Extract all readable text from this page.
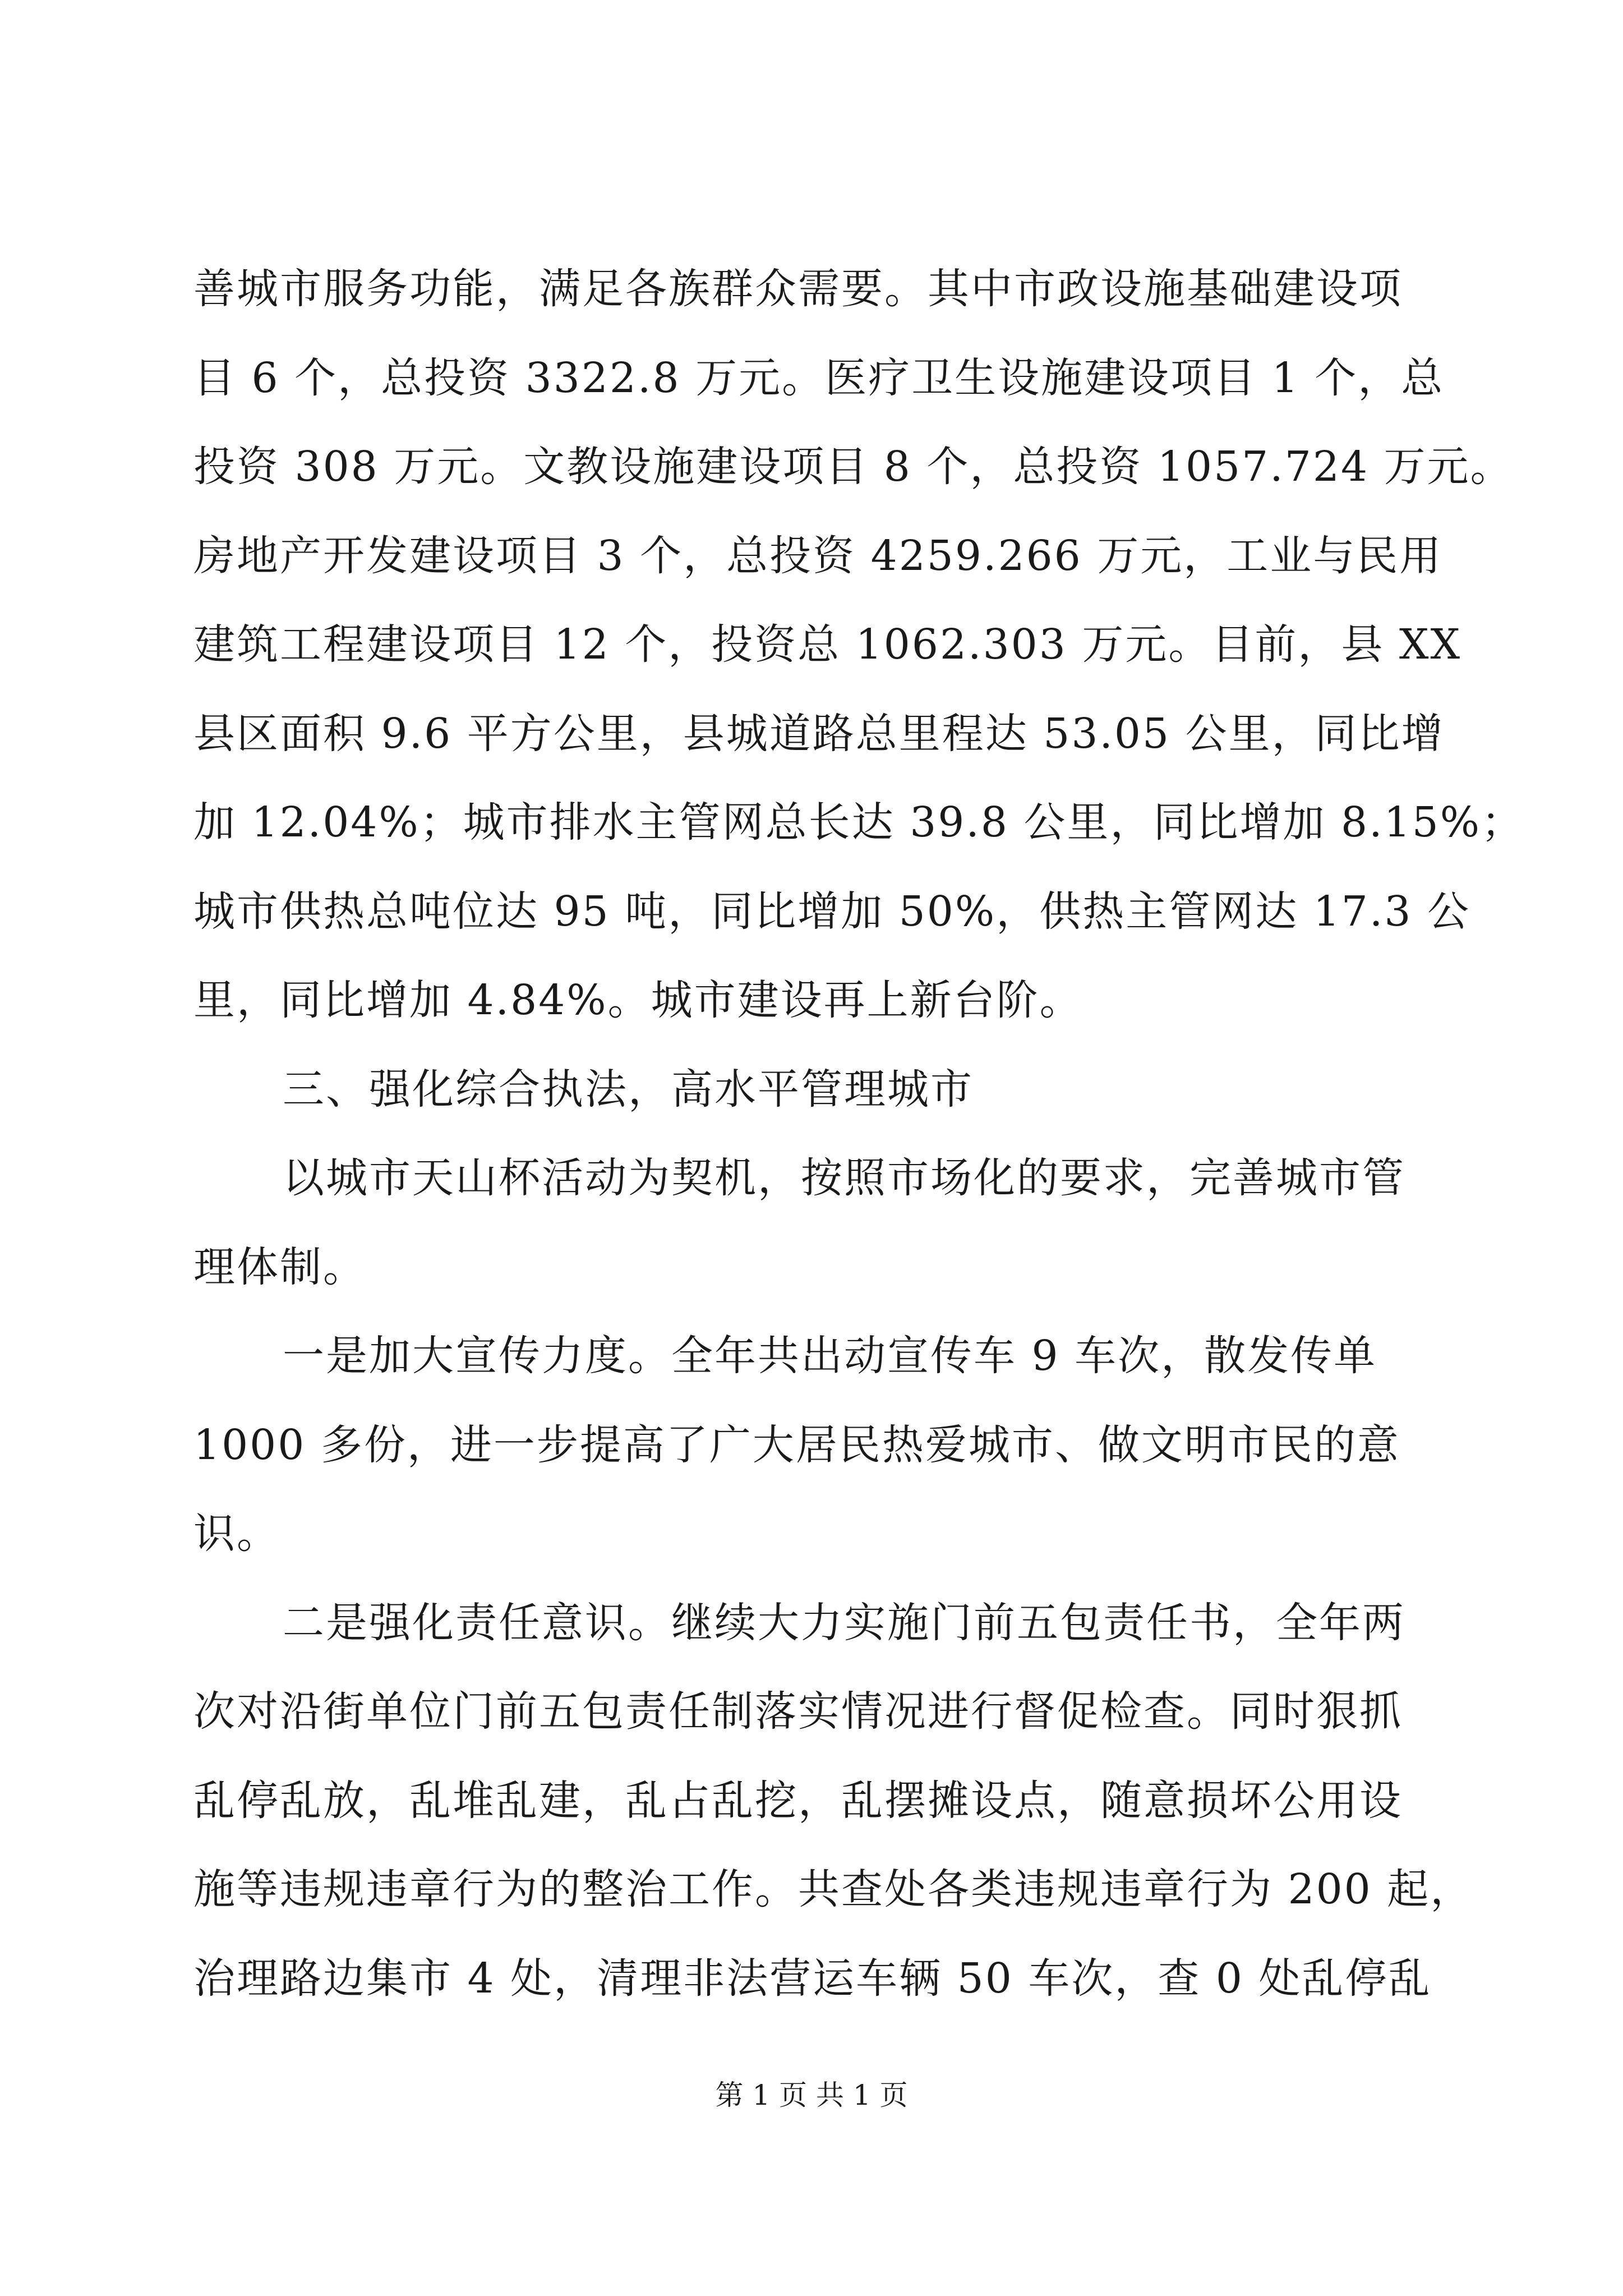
善城市服务功能，满足各族群众需要。其中市政设施基础建设项
目 6 个，总投资 3322.8 万元。医疗卫生设施建设项目 1 个，总
投资 308 万元。文教设施建设项目 8 个，总投资 1057.724 万元。
房地产开发建设项目 3 个，总投资 4259.266 万元，工业与民用
建筑工程建设项目 12 个，投资总 1062.303 万元。目前，县 XX
县区面积 9.6 平方公里，县城道路总里程达 53.05 公里，同比增
加 12.04%；城市排水主管网总长达 39.8 公里，同比增加 8.15%；
城市供热总吨位达 95 吨，同比增加 50%，供热主管网达 17.3 公
里，同比增加 4.84%。城市建设再上新台阶。
三、强化综合执法，高水平管理城市
以城市天山杯活动为契机，按照市场化的要求，完善城市管
理体制。
一是加大宣传力度。全年共出动宣传车 9 车次，散发传单
1000 多份，进一步提高了广大居民热爱城市、做文明市民的意
识。
二是强化责任意识。继续大力实施门前五包责任书，全年两
次对沿街单位门前五包责任制落实情况进行督促检查。同时狠抓
乱停乱放，乱堆乱建，乱占乱挖，乱摆摊设点，随意损坏公用设
施等违规违章行为的整治工作。共查处各类违规违章行为 200 起，
治理路边集市 4 处，清理非法营运车辆 50 车次，查 0 处乱停乱
第 1 页 共 1 页
